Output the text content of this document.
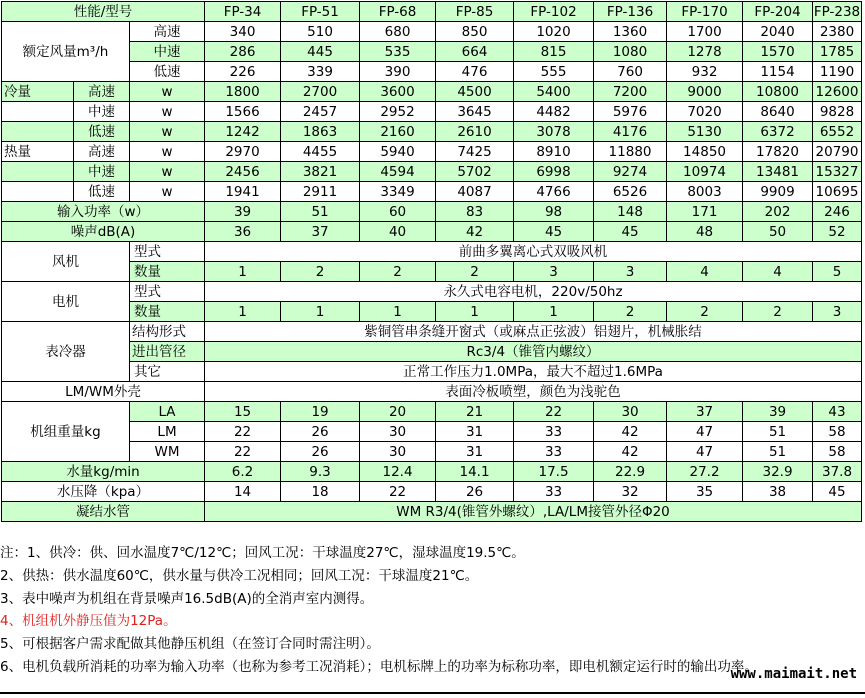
性能/型号			FP-34	FP-51	FP-68	FP-85	FP-102	FP-136	FP-170	FP-204	FP-238
额定风量m³/h		高速	340	510	680	850	1020	1360	1700	2040	2380
		中速	286	445	535	664	815	1080	1278	1570	1785
		低速	226	339	390	476	555	760	932	1154	1190
冷量	高速	w	1800	2700	3600	4500	5400	7200	9000	10800	12600
	中速	w	1566	2457	2952	3645	4482	5976	7020	8640	9828
	低速	w	1242	1863	2160	2610	3078	4176	5130	6372	6552
热量	高速	w	2970	4455	5940	7425	8910	11880	14850	17820	20790
	中速	w	2456	3821	4594	5702	6998	9274	10974	13481	15327
	低速	w	1941	2911	3349	4087	4766	6526	8003	9909	10695
输入功率（w）			39	51	60	83	98	148	171	202	246
噪声dB(A)			36	37	40	42	45	45	48	50	52
风机		型式	前曲多翼离心式双吸风机								
		数量	1	2	2	2	3	3	4	4	5
电机		型式	永久式电容电机，220v/50hz								
		数量	1	1	1	1	1	2	2	2	3
表冷器		结构形式	紫铜管串条缝开窗式（或麻点正弦波）铝翅片，机械胀结								
		进出管径	Rc3/4（锥管内螺纹）								
		其它	正常工作压力1.0MPa，最大不超过1.6MPa								
LM/WM外壳			表面冷板喷塑，颜色为浅驼色								
机组重量kg		LA	15	19	20	21	22	30	37	39	43
		LM	22	26	30	31	33	42	47	51	58
		WM	22	26	30	31	33	42	47	51	58
水量kg/min			6.2	9.3	12.4	14.1	17.5	22.9	27.2	32.9	37.8
水压降（kpa）			14	18	22	26	33	32	35	38	45
凝结水管			WM R3/4(锥管外螺纹）,LA/LM接管外径Φ20								
注：1、供冷：供、回水温度7℃/12℃；回风工况：干球温度27℃，湿球温度19.5℃。
2、供热：供水温度60℃，供水量与供冷工况相同；回风工况：干球温度21℃。
3、表中噪声为机组在背景噪声16.5dB(A)的全消声室内测得。
4、机组机外静压值为12Pa。
5、可根据客户需求配做其他静压机组（在签订合同时需注明）。
6、电机负载所消耗的功率为输入功率（也称为参考工况消耗）；电机标牌上的功率为标称功率，即电机额定运行时的输出功率。
www.maimait.net
